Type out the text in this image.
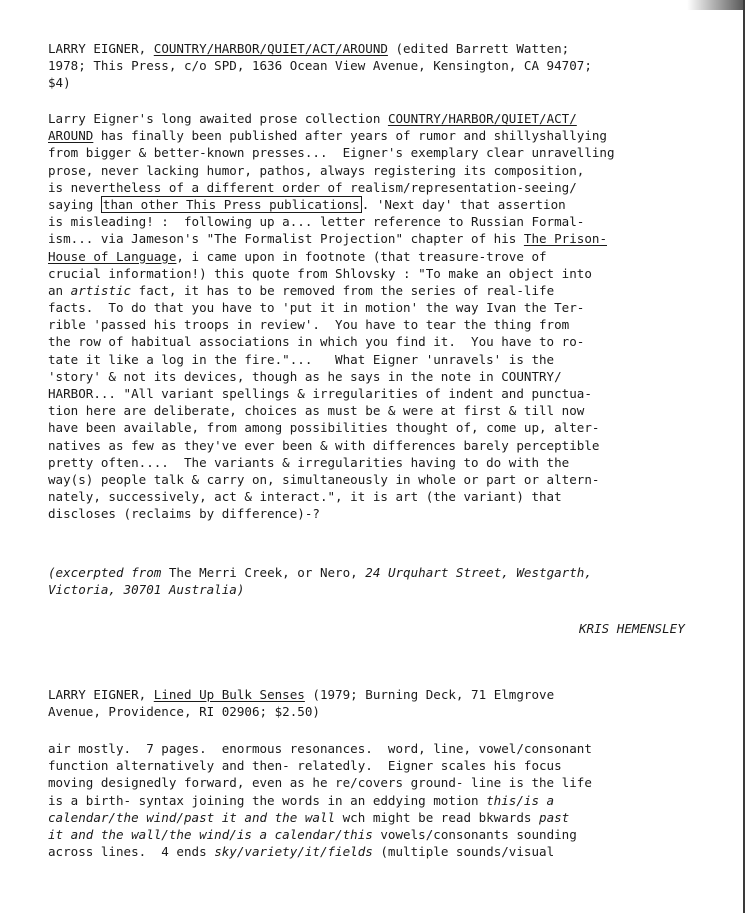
LARRY EIGNER, COUNTRY/HARBOR/QUIET/ACT/AROUND (edited Barrett Watten;
1978; This Press, c/o SPD, 1636 Ocean View Avenue, Kensington, CA 94707;
$4)
Larry Eigner's long awaited prose collection COUNTRY/HARBOR/QUIET/ACT/
AROUND has finally been published after years of rumor and shillyshallying
from bigger & better-known presses...  Eigner's exemplary clear unravelling
prose, never lacking humor, pathos, always registering its composition,
is nevertheless of a different order of realism/representation-seeing/
saying than other This Press publications . 'Next day' that assertion
is misleading! :  following up a... letter reference to Russian Formal-
ism... via Jameson's "The Formalist Projection" chapter of his The Prison-
House of Language, i came upon in footnote (that treasure-trove of
crucial information!) this quote from Shlovsky : "To make an object into
an artistic fact, it has to be removed from the series of real-life
facts.  To do that you have to 'put it in motion' the way Ivan the Ter-
rible 'passed his troops in review'.  You have to tear the thing from
the row of habitual associations in which you find it.  You have to ro-
tate it like a log in the fire."...   What Eigner 'unravels' is the
'story' & not its devices, though as he says in the note in COUNTRY/
HARBOR... "All variant spellings & irregularities of indent and punctua-
tion here are deliberate, choices as must be & were at first & till now
have been available, from among possibilities thought of, come up, alter-
natives as few as they've ever been & with differences barely perceptible
pretty often....  The variants & irregularities having to do with the
way(s) people talk & carry on, simultaneously in whole or part or altern-
nately, successively, act & interact.", it is art (the variant) that
discloses (reclaims by difference)-?
(excerpted from The Merri Creek, or Nero, 24 Urquhart Street, Westgarth,
Victoria, 30701 Australia)
KRIS HEMENSLEY
LARRY EIGNER, Lined Up Bulk Senses (1979; Burning Deck, 71 Elmgrove
Avenue, Providence, RI 02906; $2.50)
air mostly.  7 pages.  enormous resonances.  word, line, vowel/consonant
function alternatively and then- relatedly.  Eigner scales his focus
moving designedly forward, even as he re/covers ground- line is the life
is a birth- syntax joining the words in an eddying motion this/is a
calendar/the wind/past it and the wall wch might be read bkwards past
it and the wall/the wind/is a calendar/this vowels/consonants sounding
across lines.  4 ends sky/variety/it/fields (multiple sounds/visual
